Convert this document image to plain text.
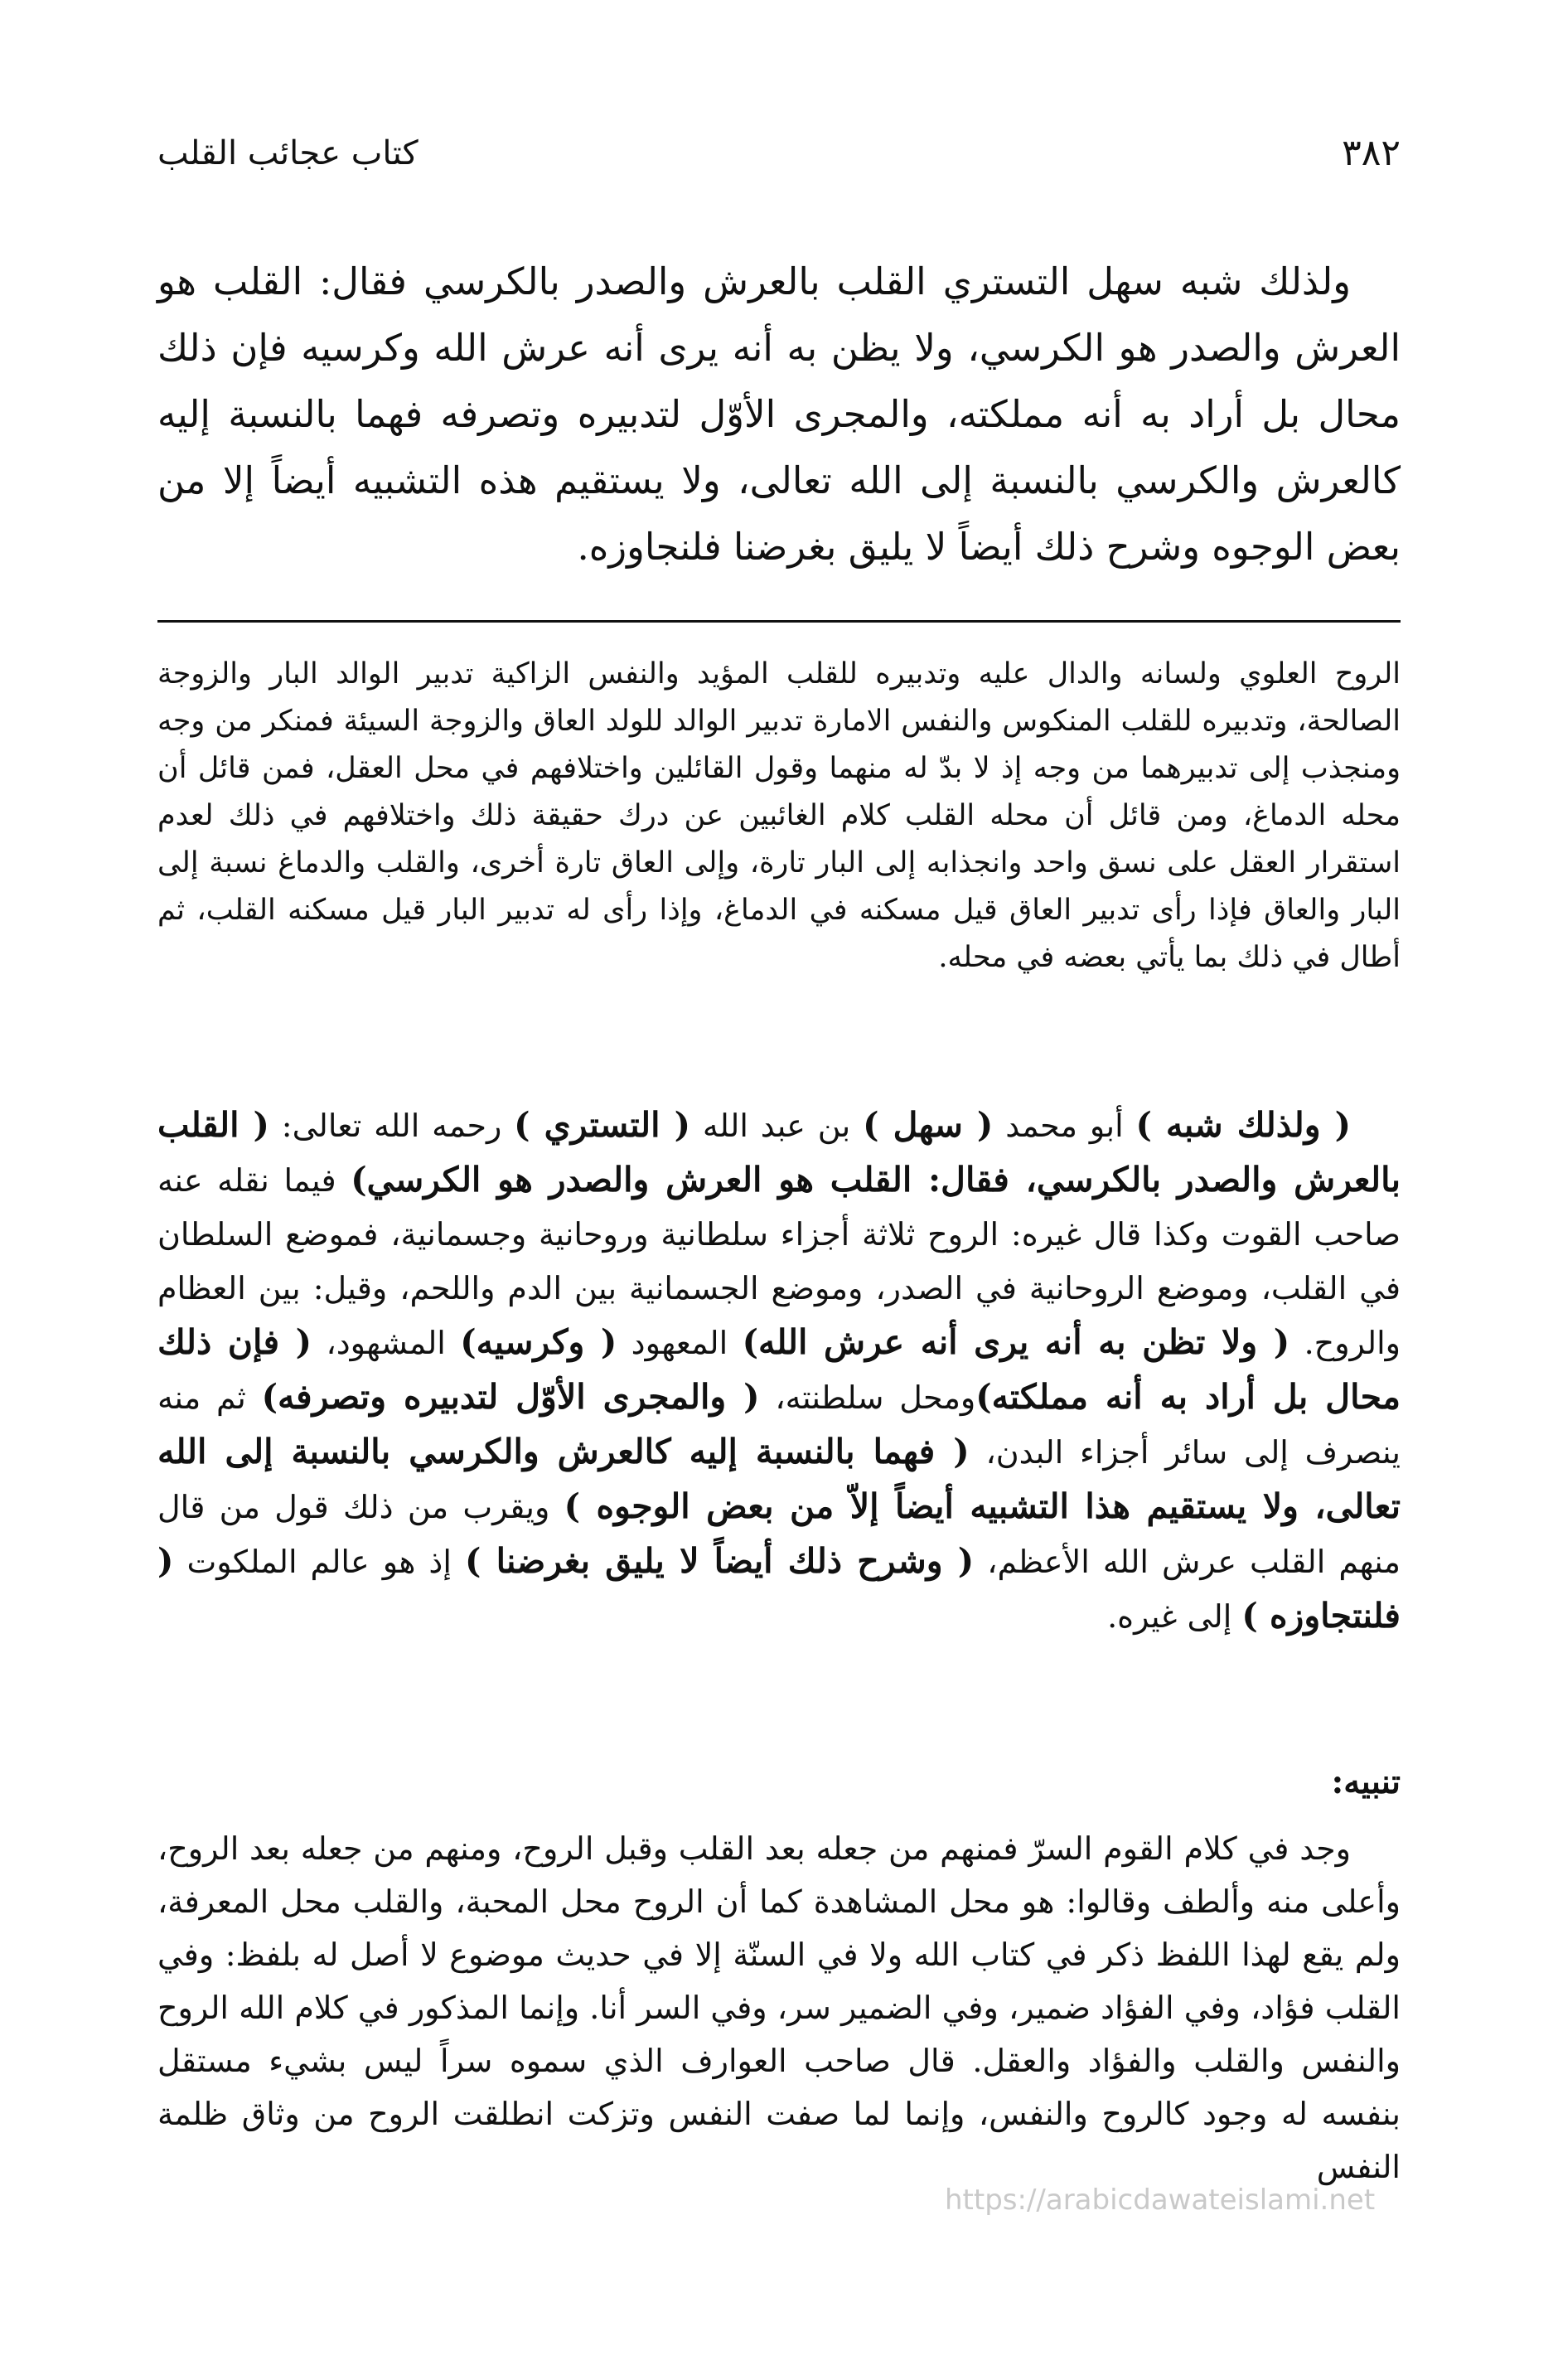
٣٨٢
كتاب عجائب القلب

ولذلك شبه سهل التستري القلب بالعرش والصدر بالكرسي فقال: القلب هو العرش والصدر هو الكرسي، ولا يظن به أنه يرى أنه عرش الله وكرسيه فإن ذلك محال بل أراد به أنه مملكته، والمجرى الأوّل لتدبيره وتصرفه فهما بالنسبة إليه كالعرش والكرسي بالنسبة إلى الله تعالى، ولا يستقيم هذه التشبيه أيضاً إلا من بعض الوجوه وشرح ذلك أيضاً لا يليق بغرضنا فلنجاوزه.

الروح العلوي ولسانه والدال عليه وتدبيره للقلب المؤيد والنفس الزاكية تدبير الوالد البار والزوجة الصالحة، وتدبيره للقلب المنكوس والنفس الامارة تدبير الوالد للولد العاق والزوجة السيئة فمنكر من وجه ومنجذب إلى تدبيرهما من وجه إذ لا بدّ له منهما وقول القائلين واختلافهم في محل العقل، فمن قائل أن محله الدماغ، ومن قائل أن محله القلب كلام الغائبين عن درك حقيقة ذلك واختلافهم في ذلك لعدم استقرار العقل على نسق واحد وانجذابه إلى البار تارة، وإلى العاق تارة أخرى، والقلب والدماغ نسبة إلى البار والعاق فإذا رأى تدبير العاق قيل مسكنه في الدماغ، وإذا رأى له تدبير البار قيل مسكنه القلب، ثم أطال في ذلك بما يأتي بعضه في محله.

( ولذلك شبه ) أبو محمد ( سهل ) بن عبد الله ( التستري ) رحمه الله تعالى: ( القلب بالعرش والصدر بالكرسي، فقال: القلب هو العرش والصدر هو الكرسي) فيما نقله عنه صاحب القوت وكذا قال غيره: الروح ثلاثة أجزاء سلطانية وروحانية وجسمانية، فموضع السلطان في القلب، وموضع الروحانية في الصدر، وموضع الجسمانية بين الدم واللحم، وقيل: بين العظام والروح. ( ولا تظن به أنه يرى أنه عرش الله) المعهود ( وكرسيه) المشهود، ( فإن ذلك محال بل أراد به أنه مملكته)ومحل سلطنته، ( والمجرى الأوّل لتدبيره وتصرفه) ثم منه ينصرف إلى سائر أجزاء البدن، ( فهما بالنسبة إليه كالعرش والكرسي بالنسبة إلى الله تعالى، ولا يستقيم هذا التشبيه أيضاً إلاّ من بعض الوجوه ) ويقرب من ذلك قول من قال منهم القلب عرش الله الأعظم، ( وشرح ذلك أيضاً لا يليق بغرضنا ) إذ هو عالم الملكوت ( فلنتجاوزه ) إلى غيره.

تنبيه:

وجد في كلام القوم السرّ فمنهم من جعله بعد القلب وقبل الروح، ومنهم من جعله بعد الروح، وأعلى منه وألطف وقالوا: هو محل المشاهدة كما أن الروح محل المحبة، والقلب محل المعرفة، ولم يقع لهذا اللفظ ذكر في كتاب الله ولا في السنّة إلا في حديث موضوع لا أصل له بلفظ: وفي القلب فؤاد، وفي الفؤاد ضمير، وفي الضمير سر، وفي السر أنا. وإنما المذكور في كلام الله الروح والنفس والقلب والفؤاد والعقل. قال صاحب العوارف الذي سموه سراً ليس بشيء مستقل بنفسه له وجود كالروح والنفس، وإنما لما صفت النفس وتزكت انطلقت الروح من وثاق ظلمة النفس

https://arabicdawateislami.net
